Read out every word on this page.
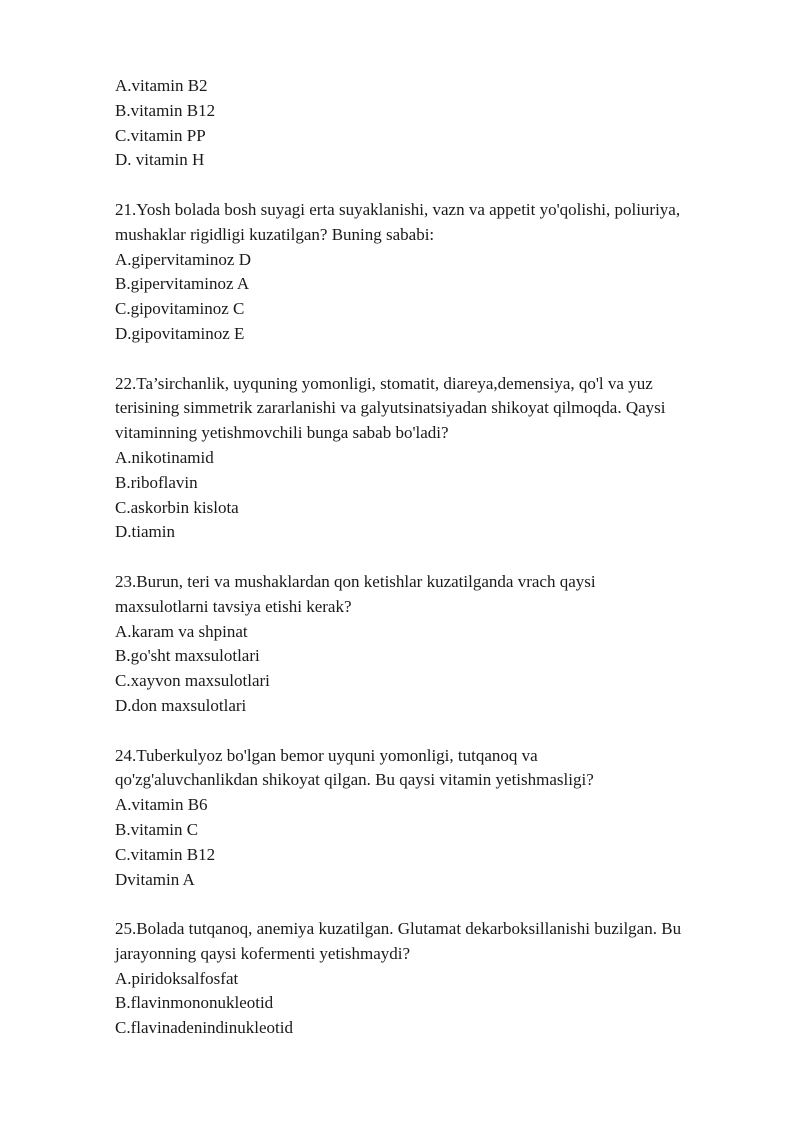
A.vitamin B2
B.vitamin B12
C.vitamin PP
D. vitamin H
21.Yosh bolada bosh suyagi erta suyaklanishi, vazn va appetit yo'qolishi, poliuriya,
mushaklar rigidligi kuzatilgan? Buning sababi:
A.gipervitaminoz D
B.gipervitaminoz A
C.gipovitaminoz C
D.gipovitaminoz E
22.Ta’sirchanlik, uyquning yomonligi, stomatit, diareya,demensiya, qo'l va yuz
terisining simmetrik zararlanishi va galyutsinatsiyadan shikoyat qilmoqda. Qaysi
vitaminning yetishmovchili bunga sabab bo'ladi?
A.nikotinamid
B.riboflavin
C.askorbin kislota
D.tiamin
23.Burun, teri va mushaklardan qon ketishlar kuzatilganda vrach qaysi
maxsulotlarni tavsiya etishi kerak?
A.karam va shpinat
B.go'sht maxsulotlari
C.xayvon maxsulotlari
D.don maxsulotlari
24.Tuberkulyoz bo'lgan bemor uyquni yomonligi, tutqanoq va
qo'zg'aluvchanlikdan shikoyat qilgan. Bu qaysi vitamin yetishmasligi?
A.vitamin B6
B.vitamin C
C.vitamin B12
Dvitamin A
25.Bolada tutqanoq, anemiya kuzatilgan. Glutamat dekarboksillanishi buzilgan. Bu
jarayonning qaysi kofermenti yetishmaydi?
A.piridoksalfosfat
B.flavinmononukleotid
C.flavinadenindinukleotid
